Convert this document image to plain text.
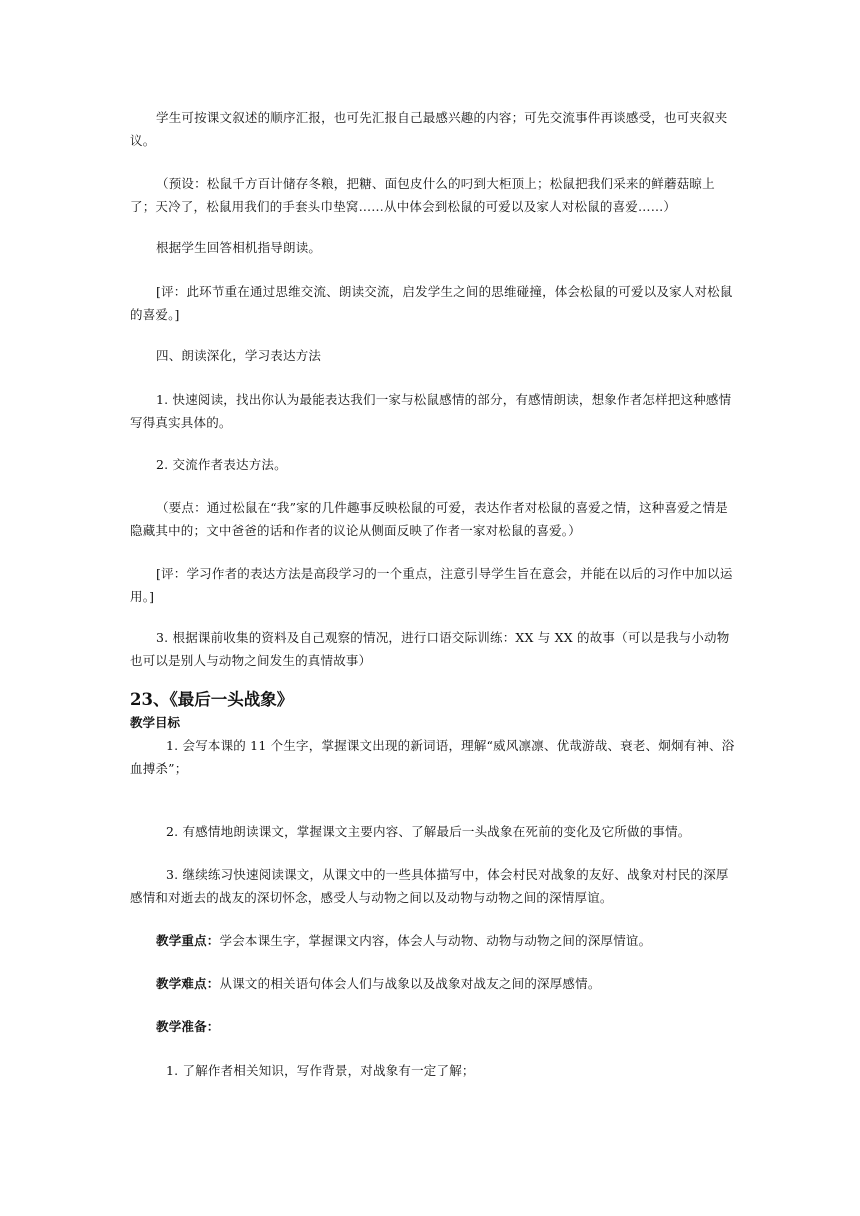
学生可按课文叙述的顺序汇报，也可先汇报自己最感兴趣的内容；可先交流事件再谈感受，也可夹叙夹议。

（预设：松鼠千方百计储存冬粮，把糖、面包皮什么的叼到大柜顶上；松鼠把我们采来的鲜蘑菇晾上了；天冷了，松鼠用我们的手套头巾垫窝……从中体会到松鼠的可爱以及家人对松鼠的喜爱……）

根据学生回答相机指导朗读。

[评：此环节重在通过思维交流、朗读交流，启发学生之间的思维碰撞，体会松鼠的可爱以及家人对松鼠的喜爱。]

四、朗读深化，学习表达方法

1. 快速阅读，找出你认为最能表达我们一家与松鼠感情的部分，有感情朗读，想象作者怎样把这种感情写得真实具体的。

2. 交流作者表达方法。

（要点：通过松鼠在“我”家的几件趣事反映松鼠的可爱，表达作者对松鼠的喜爱之情，这种喜爱之情是隐藏其中的；文中爸爸的话和作者的议论从侧面反映了作者一家对松鼠的喜爱。）

[评：学习作者的表达方法是高段学习的一个重点，注意引导学生旨在意会，并能在以后的习作中加以运用。]

3. 根据课前收集的资料及自己观察的情况，进行口语交际训练：XX 与 XX 的故事（可以是我与小动物也可以是别人与动物之间发生的真情故事）

23、《最后一头战象》
教学目标

1. 会写本课的 11 个生字，掌握课文出现的新词语，理解“威风凛凛、优哉游哉、衰老、炯炯有神、浴血搏杀”；

2. 有感情地朗读课文，掌握课文主要内容、了解最后一头战象在死前的变化及它所做的事情。

3. 继续练习快速阅读课文，从课文中的一些具体描写中，体会村民对战象的友好、战象对村民的深厚感情和对逝去的战友的深切怀念，感受人与动物之间以及动物与动物之间的深情厚谊。

教学重点：学会本课生字，掌握课文内容，体会人与动物、动物与动物之间的深厚情谊。

教学难点：从课文的相关语句体会人们与战象以及战象对战友之间的深厚感情。

教学准备：

1. 了解作者相关知识，写作背景，对战象有一定了解；
